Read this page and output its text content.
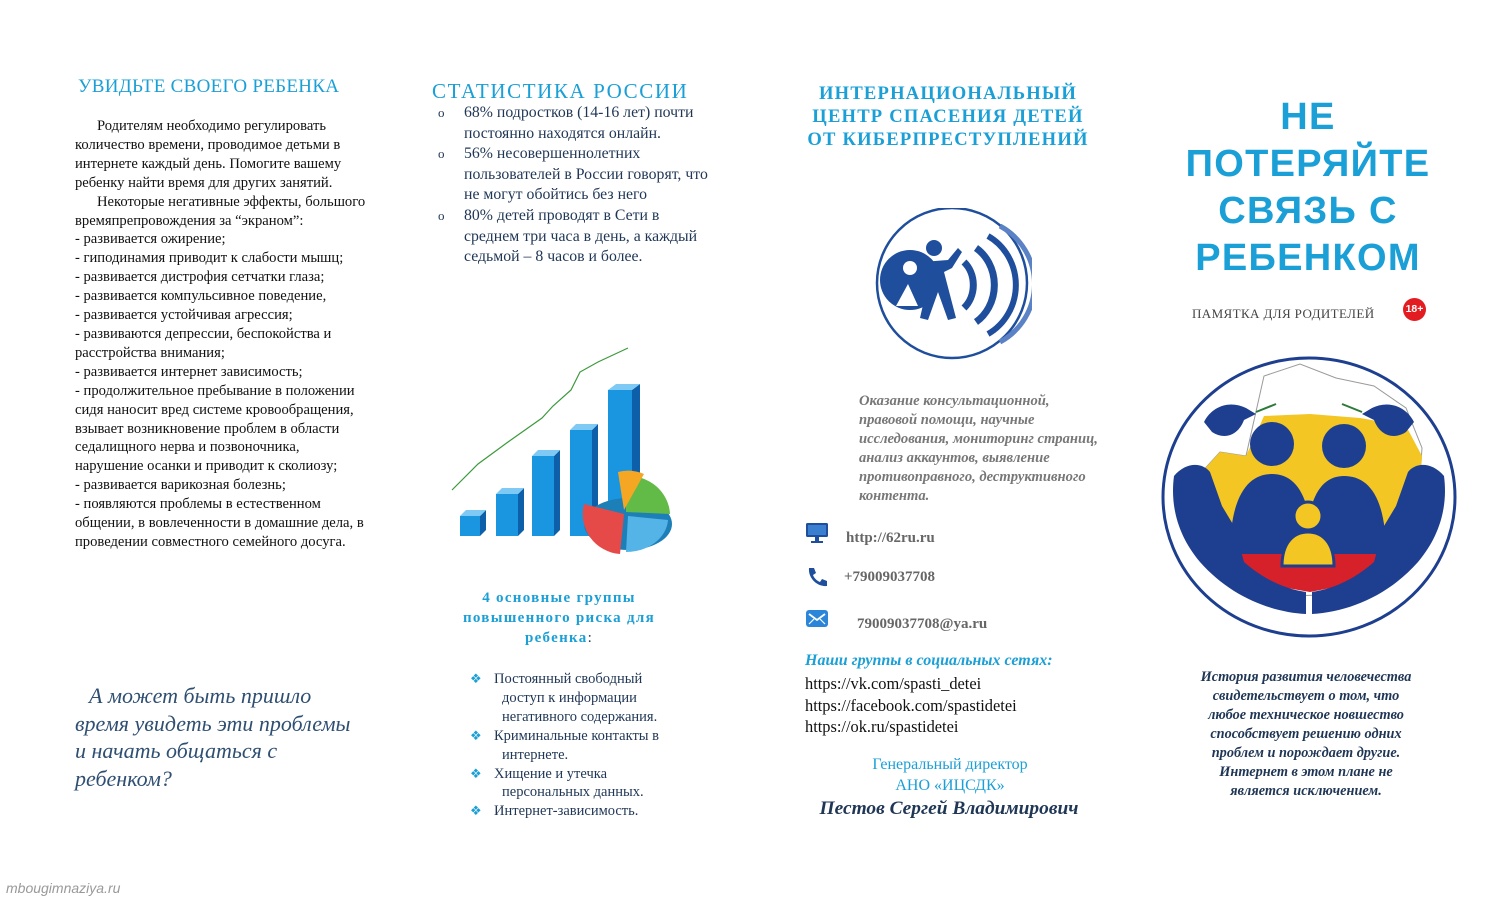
УВИДЬТЕ СВОЕГО РЕБЕНКА

Родителям необходимо регулировать количество времени, проводимое детьми в интернете каждый день. Помогите вашему ребенку найти время для других занятий.

Некоторые негативные эффекты, большого времяпрепровождения за “экраном”:

- развивается ожирение;
- гиподинамия приводит к слабости мышц;
- развивается дистрофия сетчатки глаза;
- развивается компульсивное поведение,
- развивается устойчивая агрессия;
- развиваются депрессии, беспокойства и расстройства внимания;
- развивается интернет зависимость;
- продолжительное пребывание в положении сидя наносит вред системе кровообращения, взывает возникновение проблем в области седалищного нерва и позвоночника, нарушение осанки и приводит к сколиозу;
- развивается варикозная болезнь;
- появляются проблемы в естественном общении, в вовлеченности в домашние дела, в проведении совместного семейного досуга.
А может быть пришло
время увидеть эти проблемы и начать общаться с ребенком?
СТАТИСТИКА РОССИИ
o 68% подростков (14-16 лет) почти постоянно находятся онлайн.
o 56% несовершеннолетних пользователей в России говорят, что не могут обойтись без него
o 80% детей проводят в Сети в среднем три часа в день, а каждый седьмой – 8 часов и более.
4 основные группы повышенного риска для ребенка:
❖ Постоянный свободный
доступ к информации негативного содержания.
❖ Криминальные контакты в
интернете.
❖ Хищение и утечка
персональных данных.
❖ Интернет-зависимость.
ИНТЕРНАЦИОНАЛЬНЫЙ ЦЕНТР СПАСЕНИЯ ДЕТЕЙ ОТ КИБЕРПРЕСТУПЛЕНИЙ
Оказание консультационной, правовой помощи, научные исследования, мониторинг страниц, анализ аккаунтов, выявление противоправного, деструктивного контента.
http://62ru.ru
+79009037708
79009037708@ya.ru
Наши группы в социальных сетях:
https://vk.com/spasti_detei
https://facebook.com/spastidetei
https://ok.ru/spastidetei
Генеральный директор
АНО «ИЦСДК»
Пестов Сергей Владимирович
НЕ ПОТЕРЯЙТЕ СВЯЗЬ С РЕБЕНКОМ
ПАМЯТКА ДЛЯ РОДИТЕЛЕЙ	18+
История развития человечества свидетельствует о том, что любое техническое новшество способствует решению одних проблем и порождает другие. Интернет в этом плане не является исключением.
mbougimnaziya.ru
